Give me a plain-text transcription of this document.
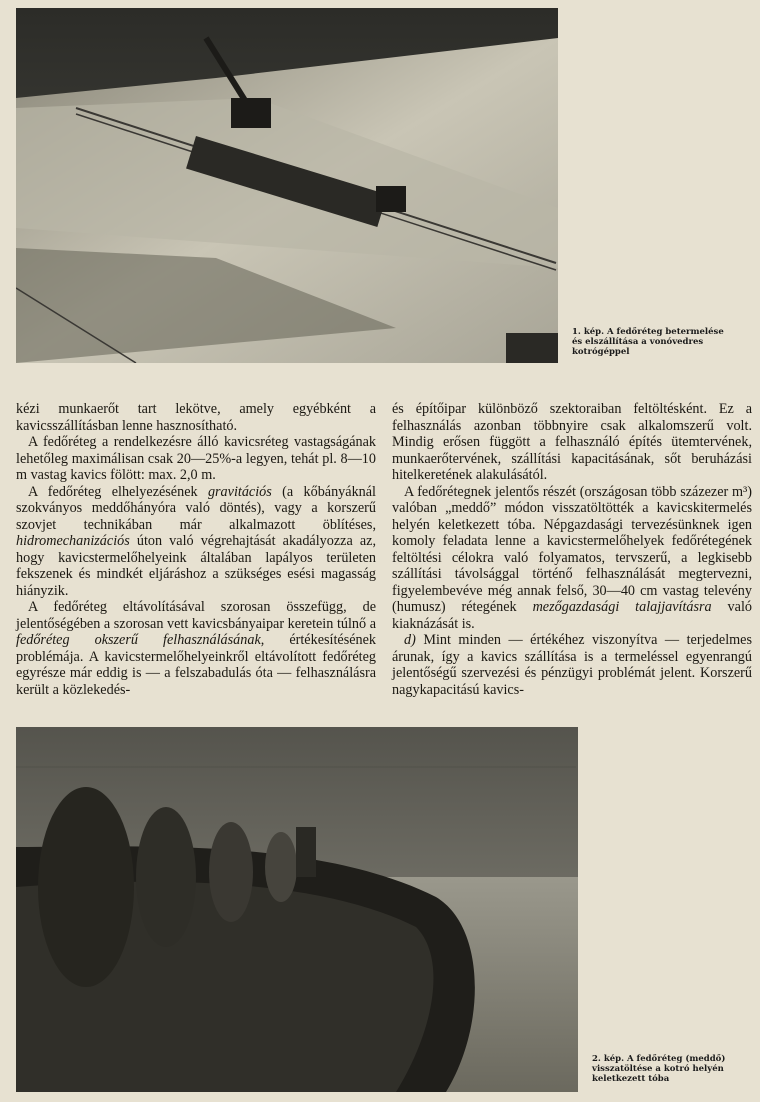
1. kép. A fedőréteg betermelése
és elszállítása a vonóvedres
kotrógéppel

kézi munkaerőt tart lekötve, amely egyébként a kavicsszállításban lenne hasznosítható.

A fedőréteg a rendelkezésre álló kavicsréteg vastagságának lehetőleg maximálisan csak 20—25%-a legyen, tehát pl. 8—10 m vastag kavics fölött: max. 2,0 m.

A fedőréteg elhelyezésének gravitációs (a kőbányáknál szokványos meddőhányóra való döntés), vagy a korszerű szovjet technikában már alkalmazott öblítéses, hidromechanizációs úton való végrehajtását akadályozza az, hogy kavicstermelőhelyeink általában lapályos területen fekszenek és mindkét eljáráshoz a szükséges esési magasság hiányzik.

A fedőréteg eltávolításával szorosan összefügg, de jelentőségében a szorosan vett kavicsbányaipar keretein túlnő a fedőréteg okszerű felhasználásának, értékesítésének problémája. A kavicstermelőhelyeinkről eltávolított fedőréteg egyrésze már eddig is — a felszabadulás óta — felhasználásra került a közlekedés-

és építőipar különböző szektoraiban feltöltésként. Ez a felhasználás azonban többnyire csak alkalomszerű volt. Mindig erősen függött a felhasználó építés ütemtervének, munkaerőtervének, szállítási kapacitásának, sőt beruházási hitelkeretének alakulásától.

A fedőrétegnek jelentős részét (országosan több százezer m³) valóban „meddő” módon visszatöltötték a kavicskitermelés helyén keletkezett tóba. Népgazdasági tervezésünknek igen komoly feladata lenne a kavicstermelőhelyek fedőrétegének feltöltési célokra való folyamatos, tervszerű, a legkisebb szállítási távolsággal történő felhasználását megtervezni, figyelembevéve még annak felső, 30—40 cm vastag televény (humusz) rétegének mezőgazdasági talajjavításra való kiaknázását is.

d) Mint minden — értékéhez viszonyítva — terjedelmes árunak, így a kavics szállítása is a termeléssel egyenrangú jelentőségű szervezési és pénzügyi problémát jelent. Korszerű nagykapacitású kavics-

2. kép. A fedőréteg (meddő)
visszatöltése a kotró helyén
keletkezett tóba
